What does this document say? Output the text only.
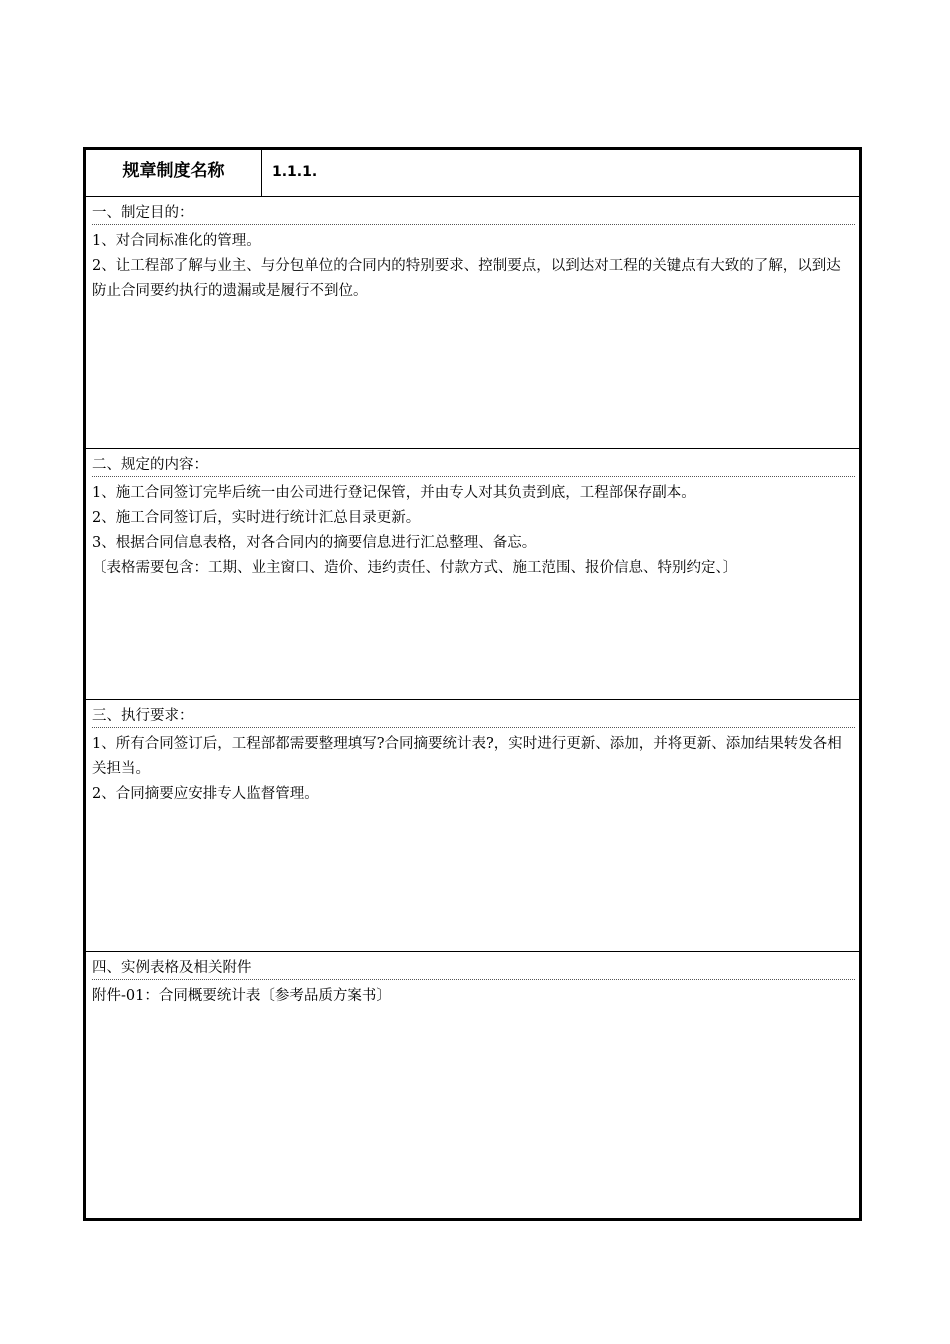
规章制度名称	1.1.1.
一、制定目的：

1、对合同标准化的管理。

2、让工程部了解与业主、与分包单位的合同内的特别要求、控制要点，以到达对工程的关键点有大致的了解，以到达防止合同要约执行的遗漏或是履行不到位。

二、规定的内容：

1、施工合同签订完毕后统一由公司进行登记保管，并由专人对其负责到底，工程部保存副本。

2、施工合同签订后，实时进行统计汇总目录更新。

3、根据合同信息表格，对各合同内的摘要信息进行汇总整理、备忘。

〔表格需要包含：工期、业主窗口、造价、违约责任、付款方式、施工范围、报价信息、特别约定、〕

三、执行要求：

1、所有合同签订后，工程部都需要整理填写?合同摘要统计表?，实时进行更新、添加，并将更新、添加结果转发各相关担当。

2、合同摘要应安排专人监督管理。

四、实例表格及相关附件

附件-01：合同概要统计表〔参考品质方案书〕
